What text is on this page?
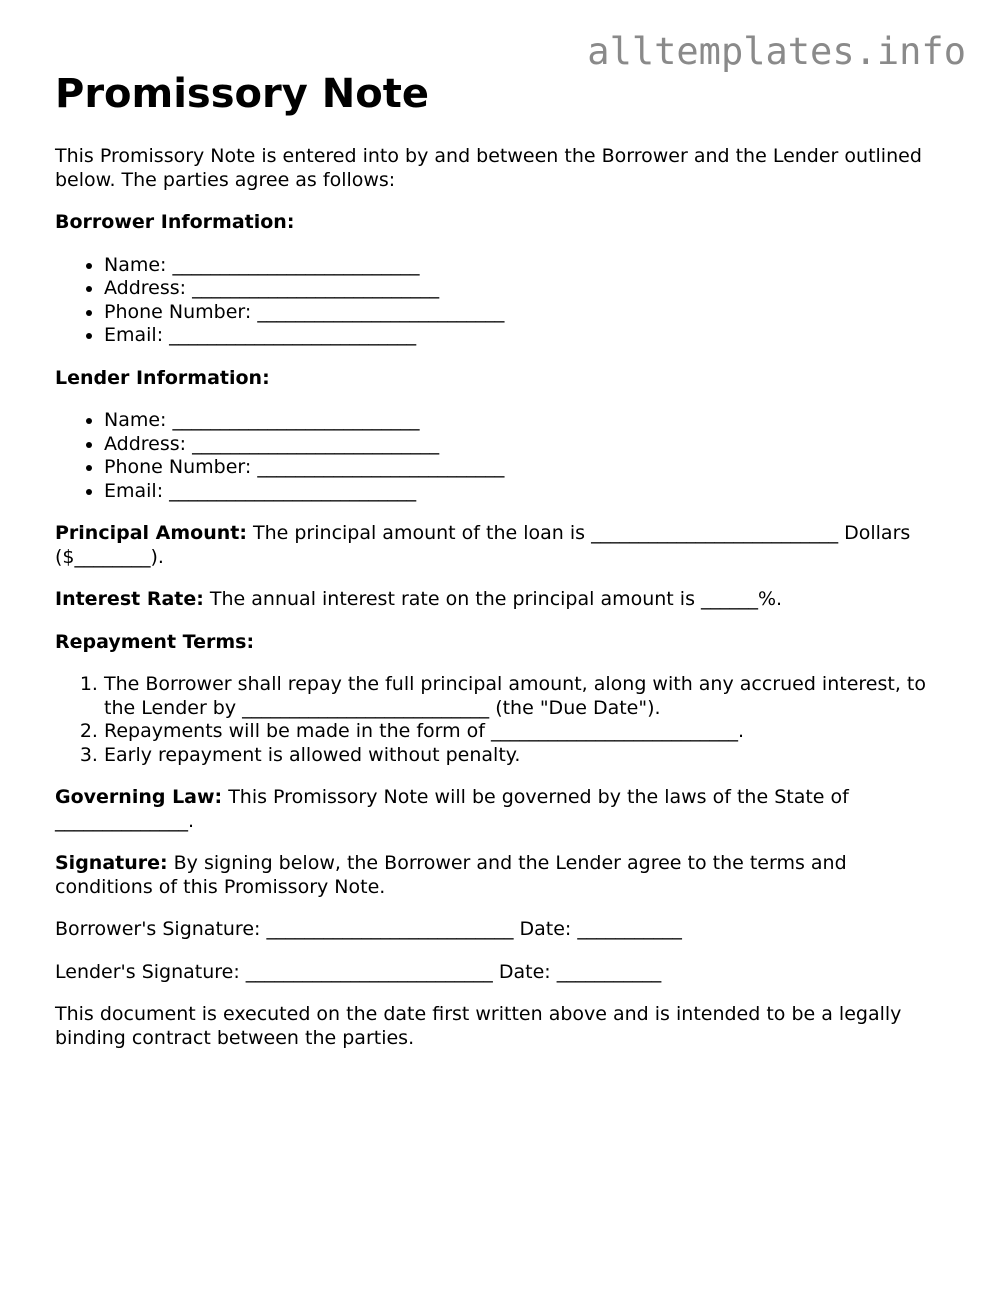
alltemplates.info
Promissory Note

This Promissory Note is entered into by and between the Borrower and the Lender outlined below. The parties agree as follows:

Borrower Information:

• Name: __________________________
• Address: __________________________
• Phone Number: __________________________
• Email: __________________________

Lender Information:

• Name: __________________________
• Address: __________________________
• Phone Number: __________________________
• Email: __________________________

Principal Amount: The principal amount of the loan is __________________________ Dollars ($________).

Interest Rate: The annual interest rate on the principal amount is ______%.

Repayment Terms:

1. The Borrower shall repay the full principal amount, along with any accrued interest, to the Lender by __________________________ (the "Due Date").
2. Repayments will be made in the form of __________________________.
3. Early repayment is allowed without penalty.

Governing Law: This Promissory Note will be governed by the laws of the State of ______________.

Signature: By signing below, the Borrower and the Lender agree to the terms and conditions of this Promissory Note.

Borrower's Signature: __________________________ Date: ___________

Lender's Signature: __________________________ Date: ___________

This document is executed on the date first written above and is intended to be a legally binding contract between the parties.
